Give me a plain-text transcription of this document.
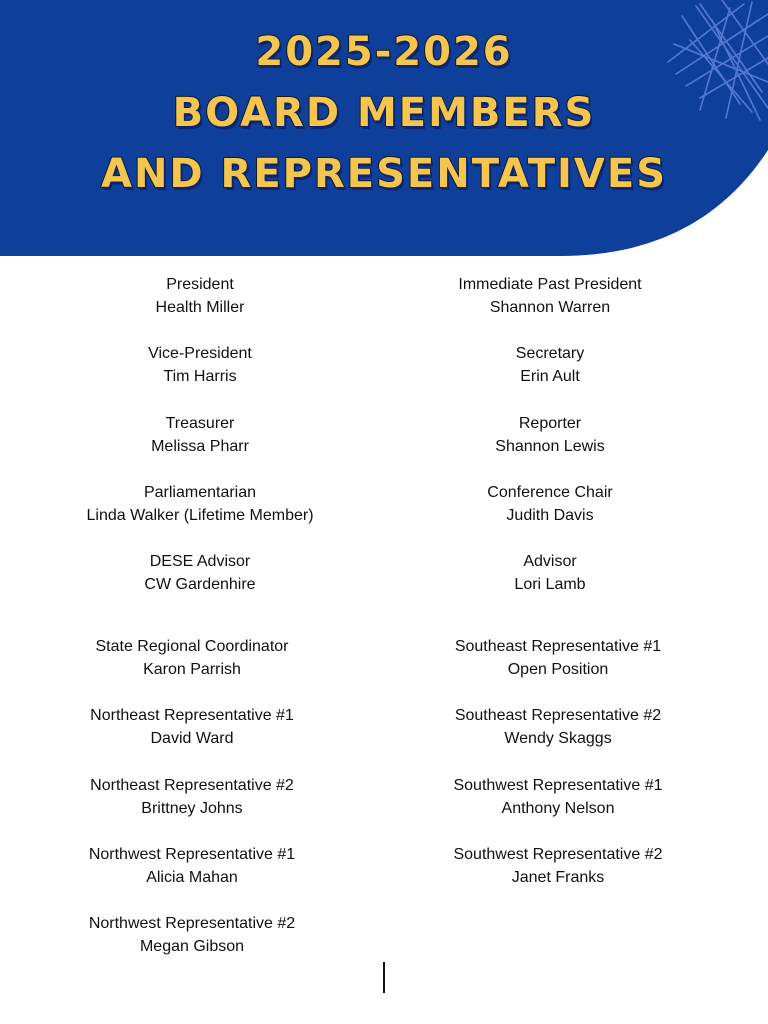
2025-2026
BOARD MEMBERS
AND REPRESENTATIVES
President
Health Miller
Vice-President
Tim Harris
Treasurer
Melissa Pharr
Parliamentarian
Linda Walker (Lifetime Member)
DESE Advisor
CW Gardenhire
Immediate Past President
Shannon Warren
Secretary
Erin Ault
Reporter
Shannon Lewis
Conference Chair
Judith Davis
Advisor
Lori Lamb
State Regional Coordinator
Karon Parrish
Northeast Representative #1
David Ward
Northeast Representative #2
Brittney Johns
Northwest Representative #1
Alicia Mahan
Northwest Representative #2
Megan Gibson
Southeast Representative #1
Open Position
Southeast Representative #2
Wendy Skaggs
Southwest Representative #1
Anthony Nelson
Southwest Representative #2
Janet Franks
